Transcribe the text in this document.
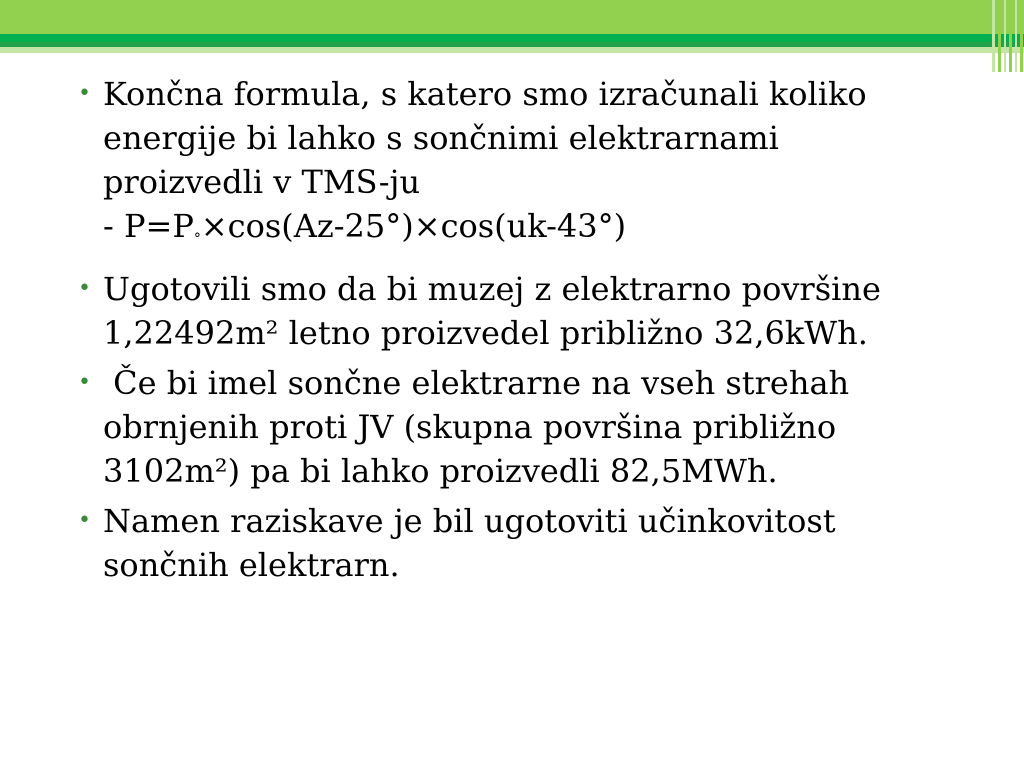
• Končna formula, s katero smo izračunali koliko
energije bi lahko s sončnimi elektrarnami
proizvedli v TMS-ju
- $P=P^\circ\times\cos(Az-25^\circ)\times\cos(uk-43^\circ)$
• Ugotovili smo da bi muzej z elektrarno površine
1,22492m² letno proizvedel približno 32,6kWh.
• Če bi imel sončne elektrarne na vseh strehah
obrnjenih proti JV (skupna površina približno
3102m²) pa bi lahko proizvedli 82,5MWh.
• Namen raziskave je bil ugotoviti učinkovitost
sončnih elektrarn.
